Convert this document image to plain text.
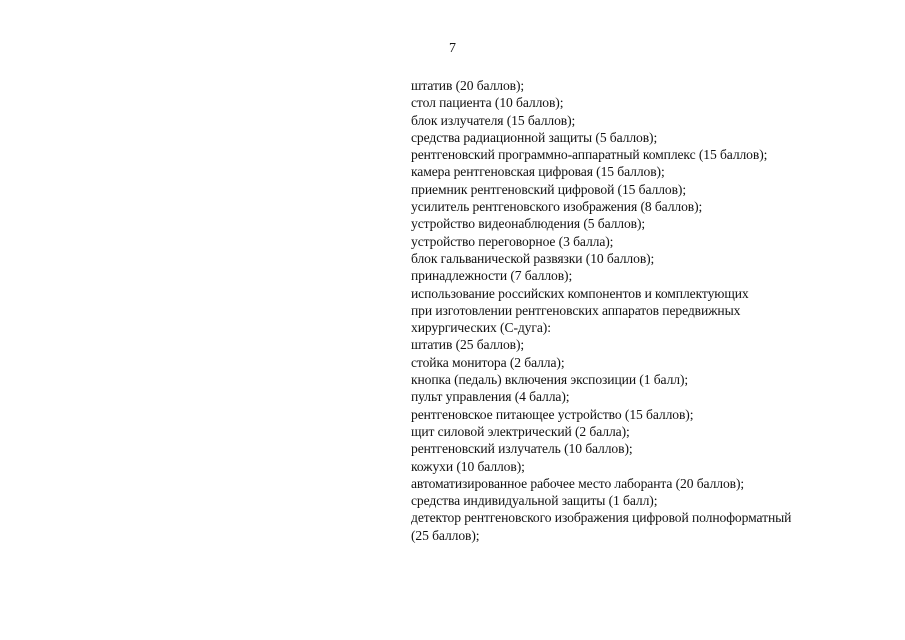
7
штатив (20 баллов);
стол пациента (10 баллов);
блок излучателя (15 баллов);
средства радиационной защиты (5 баллов);
рентгеновский программно-аппаратный комплекс (15 баллов);
камера рентгеновская цифровая (15 баллов);
приемник рентгеновский цифровой (15 баллов);
усилитель рентгеновского изображения (8 баллов);
устройство видеонаблюдения (5 баллов);
устройство переговорное (3 балла);
блок гальванической развязки (10 баллов);
принадлежности (7 баллов);
использование российских компонентов и комплектующих
при изготовлении рентгеновских аппаратов передвижных
хирургических (С-дуга):
штатив (25 баллов);
стойка монитора (2 балла);
кнопка (педаль) включения экспозиции (1 балл);
пульт управления (4 балла);
рентгеновское питающее устройство (15 баллов);
щит силовой электрический (2 балла);
рентгеновский излучатель (10 баллов);
кожухи (10 баллов);
автоматизированное рабочее место лаборанта (20 баллов);
средства индивидуальной защиты (1 балл);
детектор рентгеновского изображения цифровой полноформатный
(25 баллов);
